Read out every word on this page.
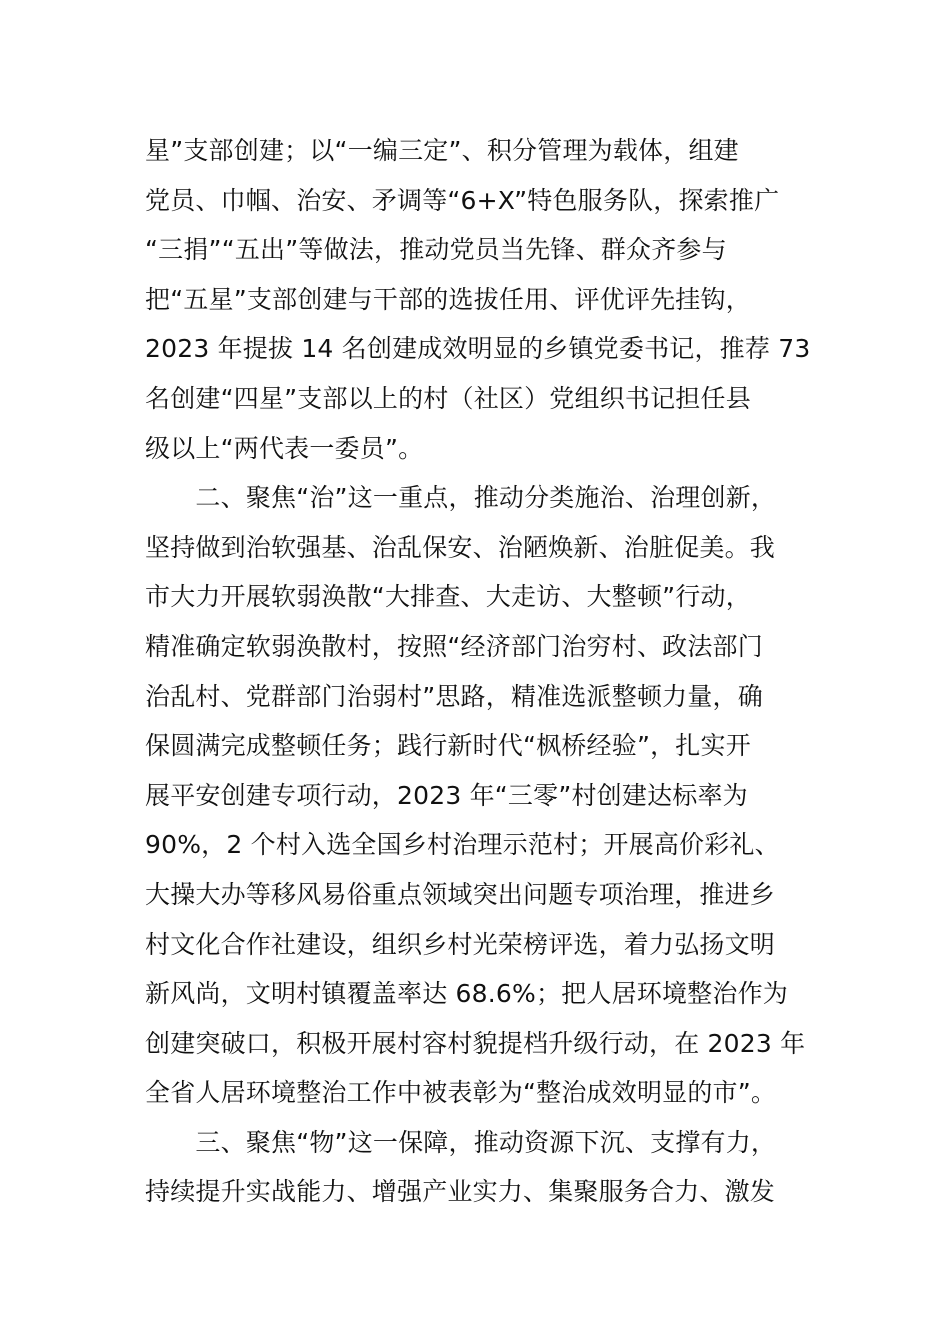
星”支部创建；以“一编三定”、积分管理为载体，组建
党员、巾帼、治安、矛调等“6+X”特色服务队，探索推广
“三捐”“五出”等做法，推动党员当先锋、群众齐参与
把“五星”支部创建与干部的选拔任用、评优评先挂钩，
2023 年提拔 14 名创建成效明显的乡镇党委书记，推荐 73
名创建“四星”支部以上的村（社区）党组织书记担任县
级以上“两代表一委员”。
　　二、聚焦“治”这一重点，推动分类施治、治理创新，
坚持做到治软强基、治乱保安、治陋焕新、治脏促美。我
市大力开展软弱涣散“大排查、大走访、大整顿”行动，
精准确定软弱涣散村，按照“经济部门治穷村、政法部门
治乱村、党群部门治弱村”思路，精准选派整顿力量，确
保圆满完成整顿任务；践行新时代“枫桥经验”，扎实开
展平安创建专项行动，2023 年“三零”村创建达标率为
90%，2 个村入选全国乡村治理示范村；开展高价彩礼、
大操大办等移风易俗重点领域突出问题专项治理，推进乡
村文化合作社建设，组织乡村光荣榜评选，着力弘扬文明
新风尚，文明村镇覆盖率达 68.6%；把人居环境整治作为
创建突破口，积极开展村容村貌提档升级行动，在 2023 年
全省人居环境整治工作中被表彰为“整治成效明显的市”。
　　三、聚焦“物”这一保障，推动资源下沉、支撑有力，
持续提升实战能力、增强产业实力、集聚服务合力、激发
